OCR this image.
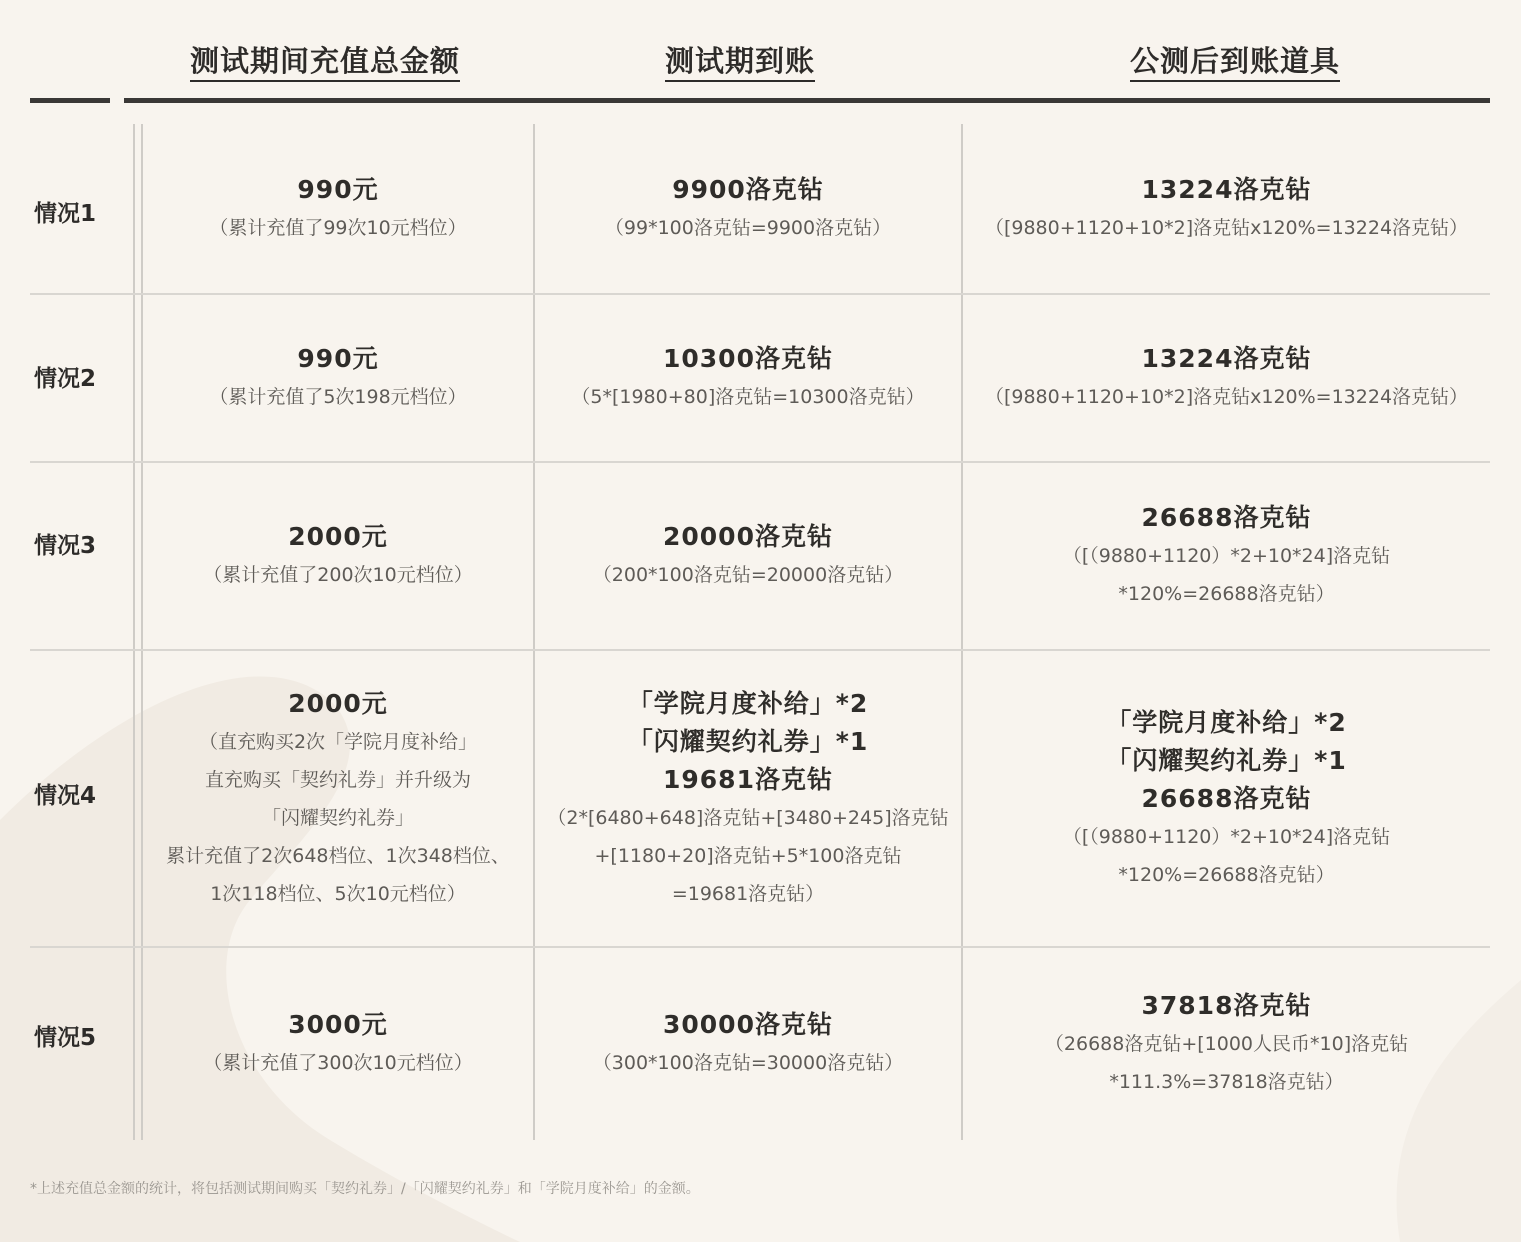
测试期间充值总金额	测试期到账	公测后到账道具
情况1
情况2
情况3
情况4
情况5
990元
（累计充值了99次10元档位）
9900洛克钻
（99*100洛克钻=9900洛克钻）
13224洛克钻
（[9880+1120+10*2]洛克钻x120%=13224洛克钻）
990元
（累计充值了5次198元档位）
10300洛克钻
（5*[1980+80]洛克钻=10300洛克钻）
13224洛克钻
（[9880+1120+10*2]洛克钻x120%=13224洛克钻）
2000元
（累计充值了200次10元档位）
20000洛克钻
（200*100洛克钻=20000洛克钻）
26688洛克钻
（[（9880+1120）*2+10*24]洛克钻
*120%=26688洛克钻）
2000元
（直充购买2次「学院月度补给」
直充购买「契约礼券」并升级为
「闪耀契约礼券」
累计充值了2次648档位、1次348档位、
1次118档位、5次10元档位）
「学院月度补给」*2
「闪耀契约礼券」*1
19681洛克钻
（2*[6480+648]洛克钻+[3480+245]洛克钻
+[1180+20]洛克钻+5*100洛克钻
=19681洛克钻）
「学院月度补给」*2
「闪耀契约礼券」*1
26688洛克钻
（[（9880+1120）*2+10*24]洛克钻
*120%=26688洛克钻）
3000元
（累计充值了300次10元档位）
30000洛克钻
（300*100洛克钻=30000洛克钻）
37818洛克钻
（26688洛克钻+[1000人民币*10]洛克钻
*111.3%=37818洛克钻）
*上述充值总金额的统计，将包括测试期间购买「契约礼券」/「闪耀契约礼券」和「学院月度补给」的金额。
